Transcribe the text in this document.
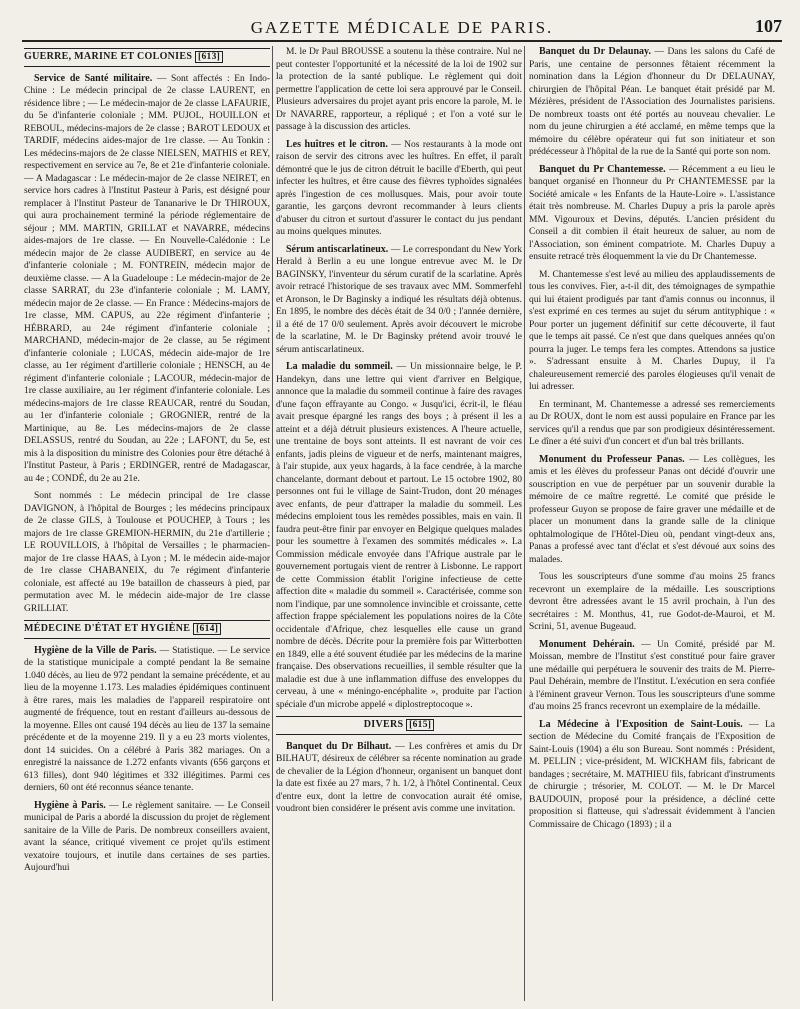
GAZETTE MÉDICALE DE PARIS.	107
GUERRE, MARINE ET COLONIES [613]

Service de Santé militaire. — Sont affectés : En Indo-Chine : Le médecin principal de 2e classe LAURENT, en résidence libre ; — Le médecin-major de 2e classe LAFAURIE, du 5e d'infanterie coloniale ; MM. PUJOL, HOUILLON et REBOUL, médecins-majors de 2e classe ; BAROT LEDOUX et TARDIF, médecins aides-major de 1re classe. — Au Tonkin : Les médecins-majors de 2e classe NIELSEN, MATHIS et REY, respectivement en service au 7e, 8e et 21e d'infanterie coloniale. — A Madagascar : Le médecin-major de 2e classe NEIRET, en service hors cadres à l'Institut Pasteur à Paris, est désigné pour remplacer à l'Institut Pasteur de Tananarive le Dr THIROUX, qui aura prochainement terminé la période réglementaire de séjour ; MM. MARTIN, GRILLAT et NAVARRE, médecins aides-majors de 1re classe. — En Nouvelle-Calédonie : Le médecin major de 2e classe AUDIBERT, en service au 4e d'infanterie coloniale ; M. FONTREIN, médecin major de deuxième classe. — A la Guadeloupe : Le médecin-major de 2e classe SARRAT, du 23e d'infanterie coloniale ; M. LAMY, médecin major de 2e classe. — En France : Médecins-majors de 1re classe, MM. CAPUS, au 22e régiment d'infanterie ; HÉBRARD, au 24e régiment d'infanterie coloniale ; MARCHAND, médecin-major de 2e classe, au 5e régiment d'infanterie coloniale ; LUCAS, médecin aide-major de 1re classe, au 1er régiment d'artillerie coloniale ; HENSCH, au 4e régiment d'infanterie coloniale ; LACOUR, médecin-major de 1re classe auxiliaire, au 1er régiment d'infanterie coloniale. Les médecins-majors de 1re classe REAUCAR, rentré du Soudan, au 1er d'infanterie coloniale ; GROGNIER, rentré de la Martinique, au 8e. Les médecins-majors de 2e classe DELASSUS, rentré du Soudan, au 22e ; LAFONT, du 5e, est mis à la disposition du ministre des Colonies pour être détaché à l'Institut Pasteur, à Paris ; ERDINGER, rentré de Madagascar, au 4e ; CONDÉ, du 2e au 21e.

Sont nommés : Le médecin principal de 1re classe DAVIGNON, à l'hôpital de Bourges ; les médecins principaux de 2e classe GILS, à Toulouse et POUCHEP, à Tours ; les majors de 1re classe GREMION-HERMIN, du 21e d'artillerie ; LE ROUVILLOIS, à l'hôpital de Versailles ; le pharmacien-major de 1re classe HAAS, à Lyon ; M. le médecin aide-major de 1re classe CHABANEIX, du 7e régiment d'infanterie coloniale, est affecté au 19e bataillon de chasseurs à pied, par permutation avec M. le médecin aide-major de 1re classe GRILLIAT.

MÉDECINE D'ÉTAT ET HYGIÈNE [614]

Hygiène de la Ville de Paris. — Statistique. — Le service de la statistique municipale a compté pendant la 8e semaine 1.040 décès, au lieu de 972 pendant la semaine précédente, et au lieu de la moyenne 1.173. Les maladies épidémiques continuent à être rares, mais les maladies de l'appareil respiratoire ont augmenté de fréquence, tout en restant d'ailleurs au-dessous de la moyenne. Elles ont causé 194 décès au lieu de 137 la semaine précédente et de la moyenne 219. Il y a eu 23 morts violentes, dont 14 suicides. On a célébré à Paris 382 mariages. On a enregistré la naissance de 1.272 enfants vivants (656 garçons et 613 filles), dont 940 légitimes et 332 illégitimes. Parmi ces derniers, 60 ont été reconnus séance tenante.

Hygiène à Paris. — Le règlement sanitaire. — Le Conseil municipal de Paris a abordé la discussion du projet de règlement sanitaire de la Ville de Paris. De nombreux conseillers avaient, avant la séance, critiqué vivement ce projet qu'ils estiment vexatoire toujours, et inutile dans certaines de ses parties. Aujourd'hui

M. le Dr Paul BROUSSE a soutenu la thèse contraire. Nul ne peut contester l'opportunité et la nécessité de la loi de 1902 sur la protection de la santé publique. Le règlement qui doit permettre l'application de cette loi sera approuvé par le Conseil. Plusieurs adversaires du projet ayant pris encore la parole, M. le Dr NAVARRE, rapporteur, a répliqué ; et l'on a voté sur le passage à la discussion des articles.

Les huîtres et le citron. — Nos restaurants à la mode ont raison de servir des citrons avec les huîtres. En effet, il paraît démontré que le jus de citron détruit le bacille d'Eberth, qui peut infecter les huîtres, et être cause des fièvres typhoïdes signalées après l'ingestion de ces mollusques. Mais, pour avoir toute garantie, les garçons devront recommander à leurs clients d'abuser du citron et surtout d'assurer le contact du jus pendant au moins quelques minutes.

Sérum antiscarlatineux. — Le correspondant du New York Herald à Berlin a eu une longue entrevue avec M. le Dr BAGINSKY, l'inventeur du sérum curatif de la scarlatine. Après avoir retracé l'historique de ses travaux avec MM. Sommerfehl et Aronson, le Dr Baginsky a indiqué les résultats déjà obtenus. En 1895, le nombre des décès était de 34 0/0 ; l'année dernière, il a été de 17 0/0 seulement. Après avoir découvert le microbe de la scarlatine, M. le Dr Baginsky prétend avoir trouvé le sérum antiscarlatineux.

La maladie du sommeil. — Un missionnaire belge, le P. Handekyn, dans une lettre qui vient d'arriver en Belgique, annonce que la maladie du sommeil continue à faire des ravages d'une façon effrayante au Congo. « Jusqu'ici, écrit-il, le fléau avait presque épargné les rangs des boys ; à présent il les a atteint et a déjà détruit plusieurs existences. A l'heure actuelle, une trentaine de boys sont atteints. Il est navrant de voir ces enfants, jadis pleins de vigueur et de nerfs, maintenant maigres, à l'air stupide, aux yeux hagards, à la face cendrée, à la marche chancelante, dormant debout et partout. Le 15 octobre 1902, 80 personnes ont fui le village de Saint-Trudon, dont 20 ménages avec enfants, de peur d'attraper la maladie du sommeil. Les médecins emploient tous les remèdes possibles, mais en vain. Il faudra peut-être finir par envoyer en Belgique quelques malades pour les soumettre à l'examen des sommités médicales ». La Commission médicale envoyée dans l'Afrique australe par le gouvernement portugais vient de rentrer à Lisbonne. Le rapport de cette Commission établit l'origine infectieuse de cette affection dite « maladie du sommeil ». Caractérisée, comme son nom l'indique, par une somnolence invincible et croissante, cette affection frappe spécialement les populations noires de la Côte occidentale d'Afrique, chez lesquelles elle cause un grand nombre de décès. Décrite pour la première fois par Witterbotten en 1849, elle a été souvent étudiée par les médecins de la marine française. Des observations recueillies, il semble résulter que la maladie est due à une inflammation diffuse des enveloppes du cerveau, à une « méningo-encéphalite », produite par l'action spéciale d'un microbe appelé « diplostreptocoque ».

DIVERS [615]

Banquet du Dr Bilhaut. — Les confrères et amis du Dr BILHAUT, désireux de célébrer sa récente nomination au grade de chevalier de la Légion d'honneur, organisent un banquet dont la date est fixée au 27 mars, 7 h. 1/2, à l'hôtel Continental. Ceux d'entre eux, dont la lettre de convocation aurait été omise, voudront bien considérer le présent avis comme une invitation.

Banquet du Dr Delaunay. — Dans les salons du Café de Paris, une centaine de personnes fêtaient récemment la nomination dans la Légion d'honneur du Dr DELAUNAY, chirurgien de l'hôpital Péan. Le banquet était présidé par M. Mézières, président de l'Association des Journalistes parisiens. De nombreux toasts ont été portés au nouveau chevalier. Le nom du jeune chirurgien a été acclamé, en même temps que la mémoire du célèbre opérateur qui fut son initiateur et son prédécesseur à l'hôpital de la rue de la Santé qui porte son nom.

Banquet du Pr Chantemesse. — Récemment a eu lieu le banquet organisé en l'honneur du Pr CHANTEMESSE par la Société amicale « les Enfants de la Haute-Loire ». L'assistance était très nombreuse. M. Charles Dupuy a pris la parole après MM. Vigouroux et Devins, députés. L'ancien président du Conseil a dit combien il était heureux de saluer, au nom de l'Association, son éminent compatriote. M. Charles Dupuy a ensuite retracé très éloquemment la vie du Dr Chantemesse.

M. Chantemesse s'est levé au milieu des applaudissements de tous les convives. Fier, a-t-il dit, des témoignages de sympathie qui lui étaient prodigués par tant d'amis connus ou inconnus, il s'est exprimé en ces termes au sujet du sérum antityphique : « Pour porter un jugement définitif sur cette découverte, il faut que le temps ait passé. Ce n'est que dans quelques années qu'on pourra la juger. Le temps fera les comptes. Attendons sa justice ». S'adressant ensuite à M. Charles Dupuy, il l'a chaleureusement remercié des paroles élogieuses qu'il venait de lui adresser.

En terminant, M. Chantemesse a adressé ses remerciements au Dr ROUX, dont le nom est aussi populaire en France par les services qu'il a rendus que par son prodigieux désintéressement. Le dîner a été suivi d'un concert et d'un bal très brillants.

Monument du Professeur Panas. — Les collègues, les amis et les élèves du professeur Panas ont décidé d'ouvrir une souscription en vue de perpétuer par un souvenir durable la mémoire de ce maître regretté. Le comité que préside le professeur Guyon se propose de faire graver une médaille et de placer un monument dans la grande salle de la clinique ophtalmologique de l'Hôtel-Dieu où, pendant vingt-deux ans, Panas a professé avec tant d'éclat et s'est dévoué aux soins des malades.

Tous les souscripteurs d'une somme d'au moins 25 francs recevront un exemplaire de la médaille. Les souscriptions devront être adressées avant le 15 avril prochain, à l'un des secrétaires : M. Monthus, 41, rue Godot-de-Mauroi, et M. Scrini, 51, avenue Bugeaud.

Monument Dehérain. — Un Comité, présidé par M. Moissan, membre de l'Institut s'est constitué pour faire graver une médaille qui perpétuera le souvenir des traits de M. Pierre-Paul Dehérain, membre de l'Institut. L'exécution en sera confiée à l'éminent graveur Vernon. Tous les souscripteurs d'une somme d'au moins 25 francs recevront un exemplaire de la médaille.

La Médecine à l'Exposition de Saint-Louis. — La section de Médecine du Comité français de l'Exposition de Saint-Louis (1904) a élu son Bureau. Sont nommés : Président, M. PELLIN ; vice-président, M. WICKHAM fils, fabricant de bandages ; secrétaire, M. MATHIEU fils, fabricant d'instruments de chirurgie ; trésorier, M. COLOT. — M. le Dr Marcel BAUDOUIN, proposé pour la présidence, a décliné cette proposition si flatteuse, qui s'adressait évidemment à l'ancien Commissaire de Chicago (1893) ; il a
